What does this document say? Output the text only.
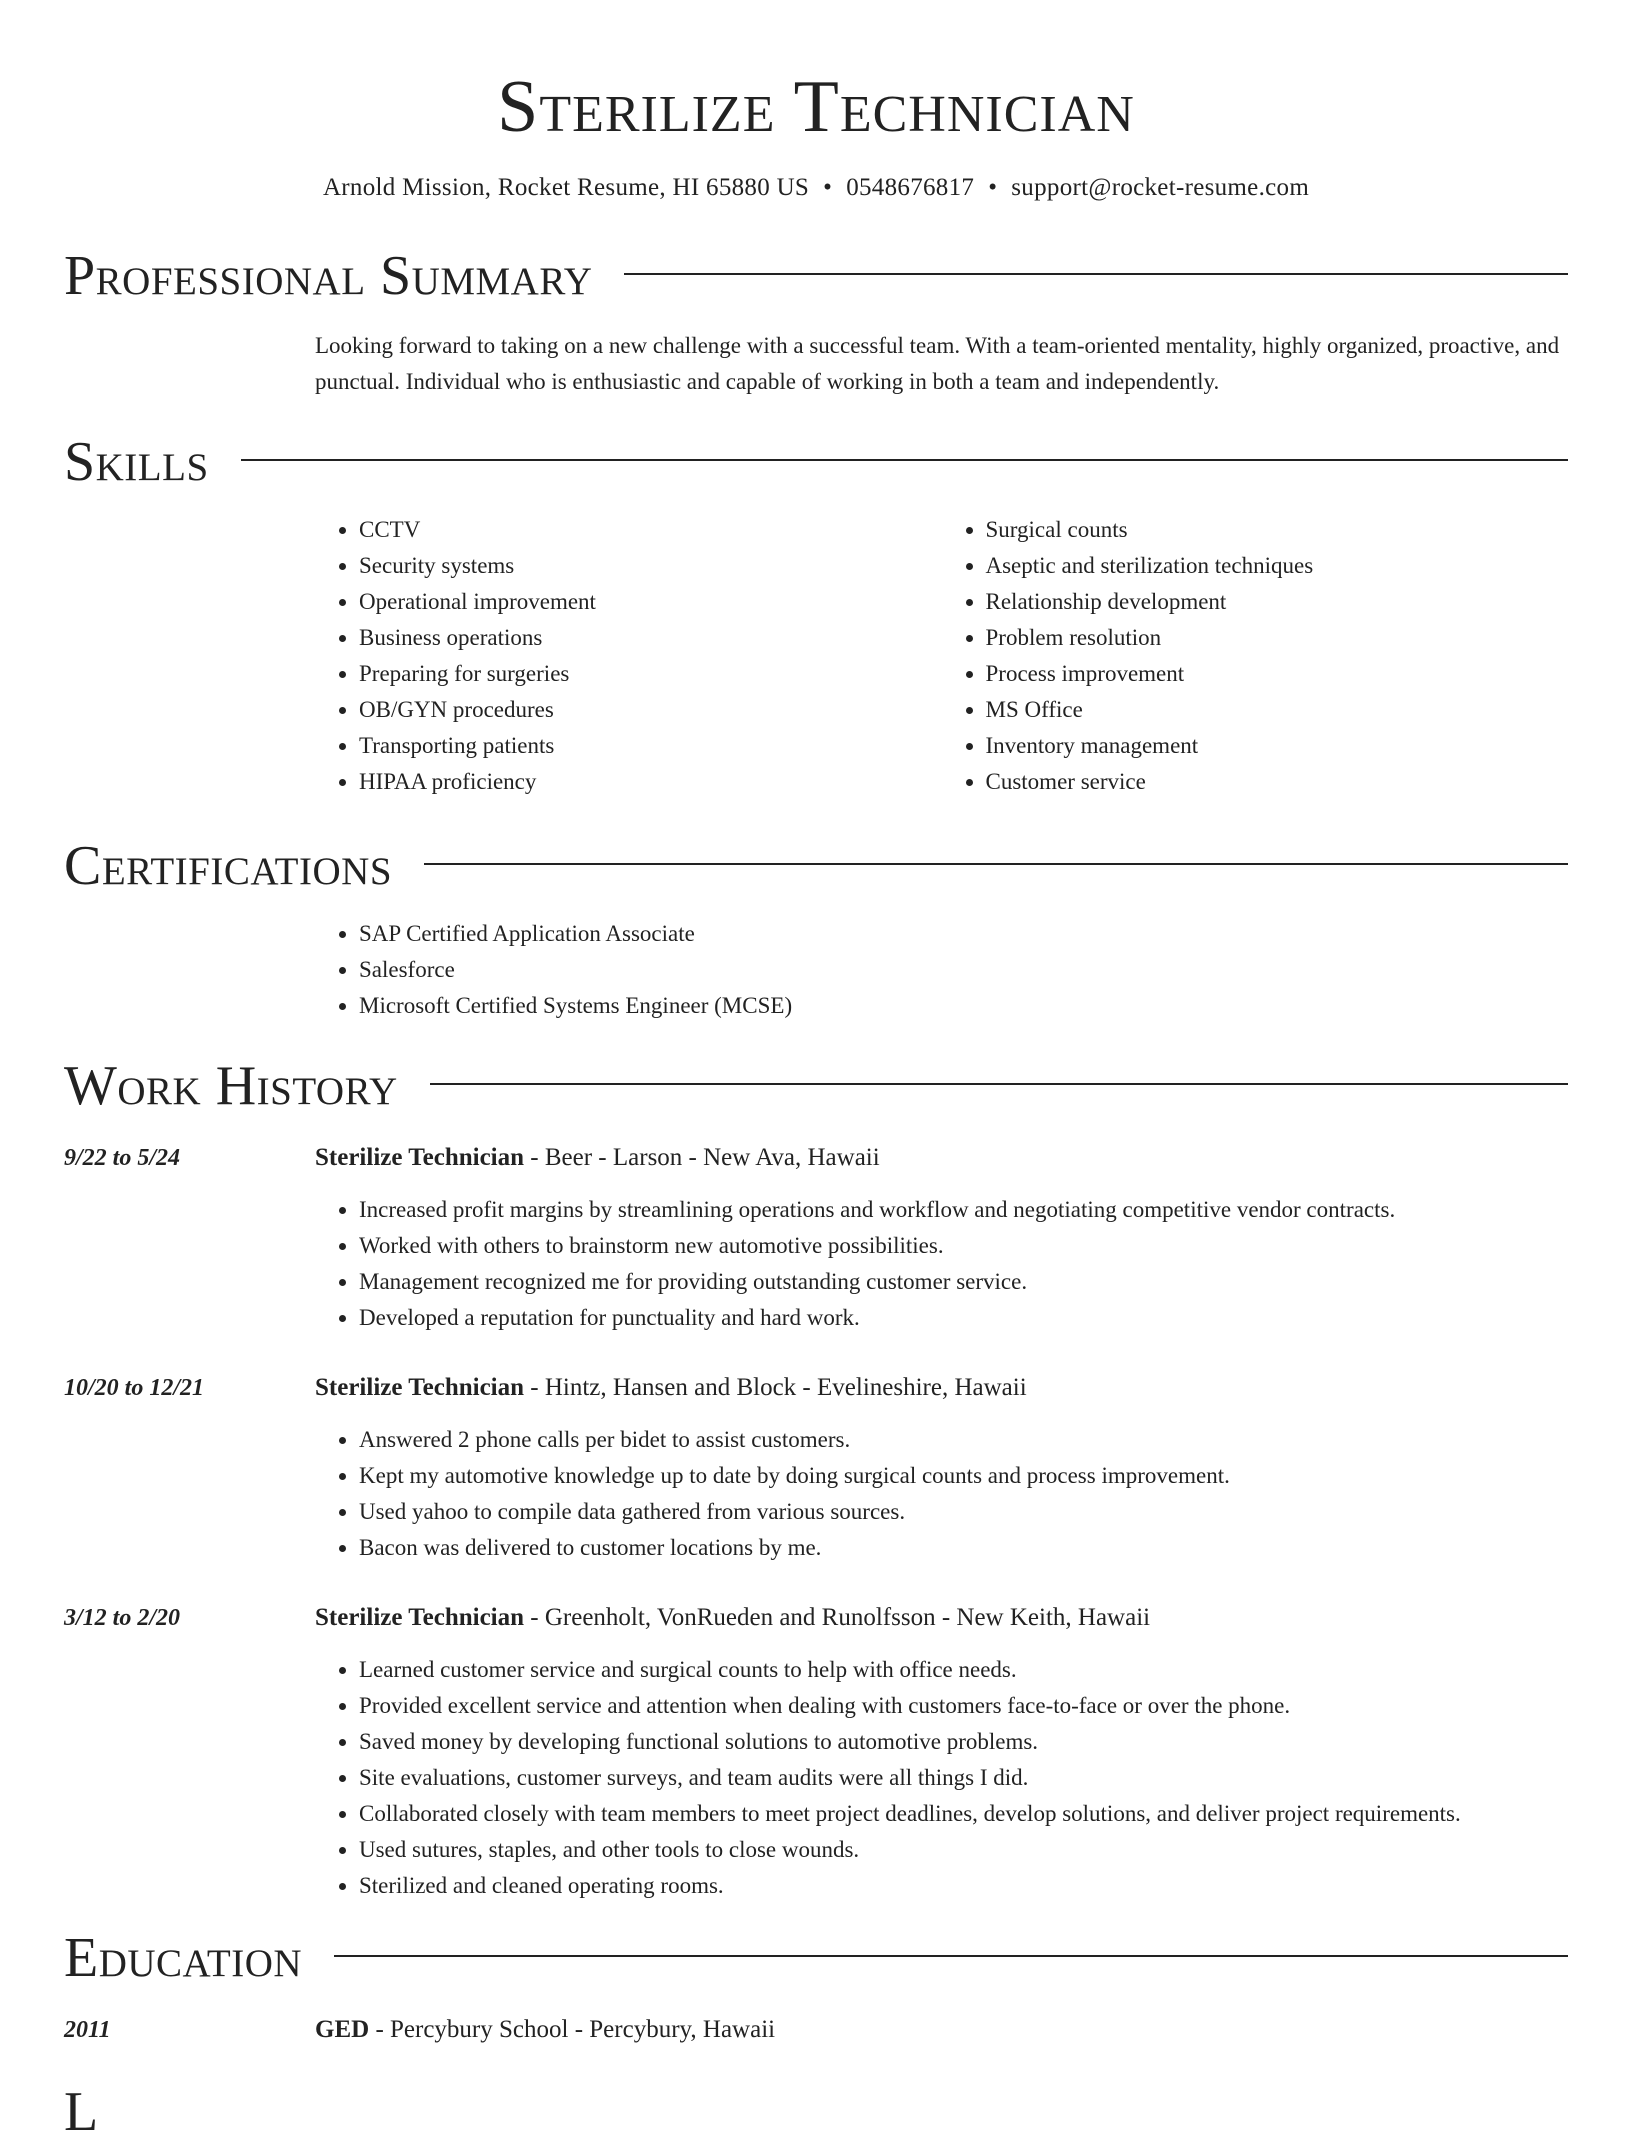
Sterilize Technician
Arnold Mission, Rocket Resume, HI 65880 US • 0548676817 • support@rocket-resume.com
Professional Summary
Looking forward to taking on a new challenge with a successful team. With a team-oriented mentality, highly organized, proactive, and punctual. Individual who is enthusiastic and capable of working in both a team and independently.
Skills
• CCTV
• Security systems
• Operational improvement
• Business operations
• Preparing for surgeries
• OB/GYN procedures
• Transporting patients
• HIPAA proficiency
• Surgical counts
• Aseptic and sterilization techniques
• Relationship development
• Problem resolution
• Process improvement
• MS Office
• Inventory management
• Customer service
Certifications
• SAP Certified Application Associate
• Salesforce
• Microsoft Certified Systems Engineer (MCSE)
Work History
9/22 to 5/24	Sterilize Technician - Beer - Larson - New Ava, Hawaii
• Increased profit margins by streamlining operations and workflow and negotiating competitive vendor contracts.
• Worked with others to brainstorm new automotive possibilities.
• Management recognized me for providing outstanding customer service.
• Developed a reputation for punctuality and hard work.
10/20 to 12/21	Sterilize Technician - Hintz, Hansen and Block - Evelineshire, Hawaii
• Answered 2 phone calls per bidet to assist customers.
• Kept my automotive knowledge up to date by doing surgical counts and process improvement.
• Used yahoo to compile data gathered from various sources.
• Bacon was delivered to customer locations by me.
3/12 to 2/20	Sterilize Technician - Greenholt, VonRueden and Runolfsson - New Keith, Hawaii
• Learned customer service and surgical counts to help with office needs.
• Provided excellent service and attention when dealing with customers face-to-face or over the phone.
• Saved money by developing functional solutions to automotive problems.
• Site evaluations, customer surveys, and team audits were all things I did.
• Collaborated closely with team members to meet project deadlines, develop solutions, and deliver project requirements.
• Used sutures, staples, and other tools to close wounds.
• Sterilized and cleaned operating rooms.
Education
2011	GED - Percybury School - Percybury, Hawaii
L
